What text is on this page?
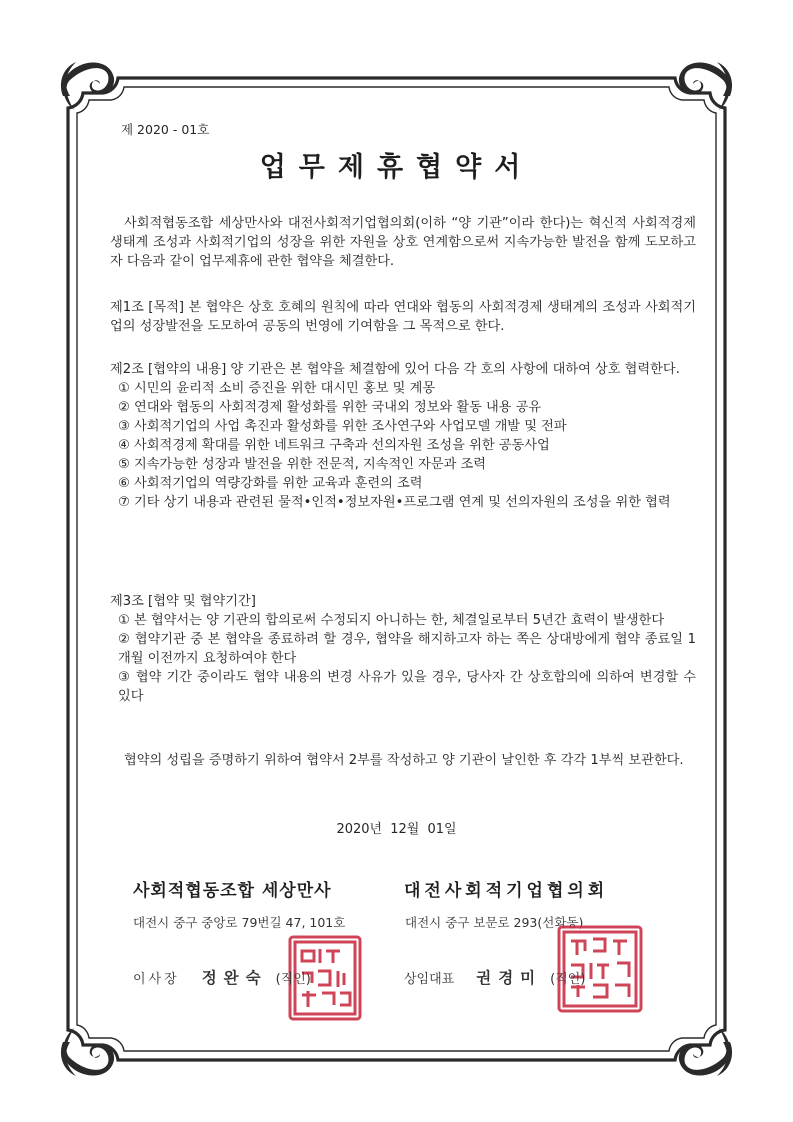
제 2020 - 01호
업무제휴협약서
사회적협동조합 세상만사와 대전사회적기업협의회(이하 “양 기관”이라 한다)는 혁신적 사회적경제 생태계 조성과 사회적기업의 성장을 위한 자원을 상호 연계함으로써 지속가능한 발전을 함께 도모하고자 다음과 같이 업무제휴에 관한 협약을 체결한다.
제1조 [목적] 본 협약은 상호 호혜의 원칙에 따라 연대와 협동의 사회적경제 생태계의 조성과 사회적기업의 성장발전을 도모하여 공동의 번영에 기여함을 그 목적으로 한다.

제2조 [협약의 내용] 양 기관은 본 협약을 체결함에 있어 다음 각 호의 사항에 대하여 상호 협력한다.

① 시민의 윤리적 소비 증진을 위한 대시민 홍보 및 계몽

② 연대와 협동의 사회적경제 활성화를 위한 국내외 정보와 활동 내용 공유

③ 사회적기업의 사업 촉진과 활성화를 위한 조사연구와 사업모델 개발 및 전파

④ 사회적경제 확대를 위한 네트워크 구축과 선의자원 조성을 위한 공동사업

⑤ 지속가능한 성장과 발전을 위한 전문적, 지속적인 자문과 조력

⑥ 사회적기업의 역량강화를 위한 교육과 훈련의 조력

⑦ 기타 상기 내용과 관련된 물적•인적•정보자원•프로그램 연계 및 선의자원의 조성을 위한 협력

제3조 [협약 및 협약기간]

① 본 협약서는 양 기관의 합의로써 수정되지 아니하는 한, 체결일로부터 5년간 효력이 발생한다

② 협약기관 중 본 협약을 종료하려 할 경우, 협약을 해지하고자 하는 쪽은 상대방에게 협약 종료일 1개월 이전까지 요청하여야 한다

③ 협약 기간 중이라도 협약 내용의 변경 사유가 있을 경우, 당사자 간 상호합의에 의하여 변경할 수 있다

협약의 성립을 증명하기 위하여 협약서 2부를 작성하고 양 기관이 날인한 후 각각 1부씩 보관한다.
2020년 12월 01일
사회적협동조합 세상만사	대전사회적기업협의회
대전시 중구 중앙로 79번길 47, 101호	대전시 중구 보문로 293(선화동)
이사장 정완숙 (직인)	상임대표 권경미 (직인)
